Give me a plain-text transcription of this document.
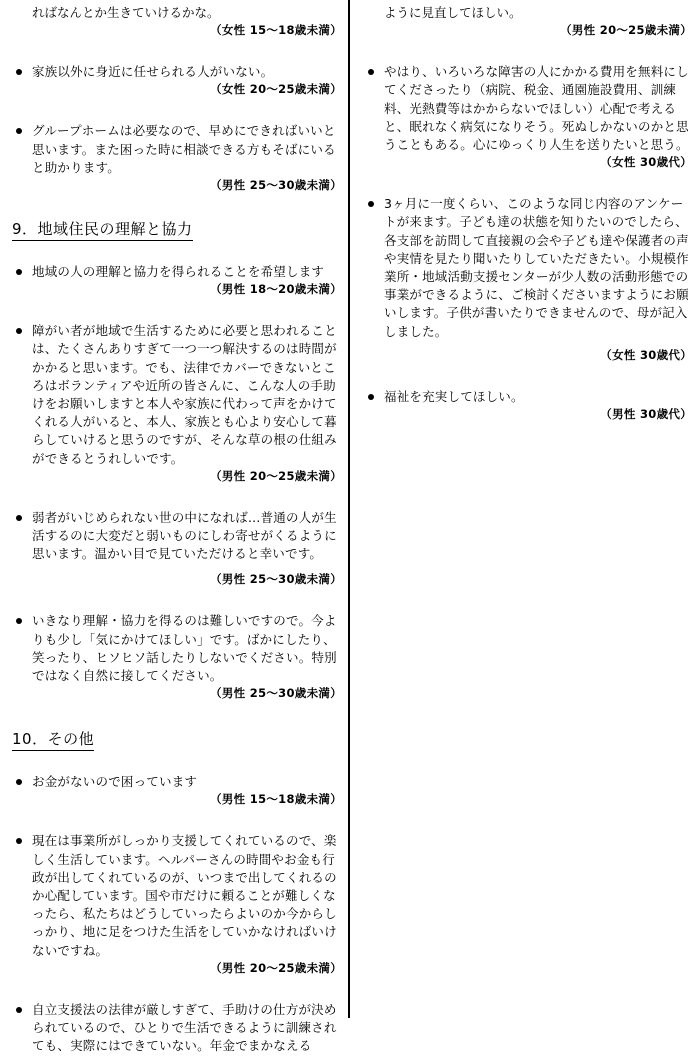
ればなんとか生きていけるかな。

（女性 15～18歳未満）
家族以外に身近に任せられる人がいない。
（女性 20～25歳未満）
グループホームは必要なので、早めにできればいいと思います。また困った時に相談できる方もそばにいると助かります。
（男性 25～30歳未満）
9．地域住民の理解と協力
地域の人の理解と協力を得られることを希望します
（男性 18～20歳未満）
障がい者が地域で生活するために必要と思われることは、たくさんありすぎて一つ一つ解決するのは時間がかかると思います。でも、法律でカバーできないところはボランティアや近所の皆さんに、こんな人の手助けをお願いしますと本人や家族に代わって声をかけてくれる人がいると、本人、家族とも心より安心して暮らしていけると思うのですが、そんな草の根の仕組みができるとうれしいです。
（男性 20～25歳未満）
弱者がいじめられない世の中になれば…普通の人が生活するのに大変だと弱いものにしわ寄せがくるように思います。温かい目で見ていただけると幸いです。
（男性 25～30歳未満）
いきなり理解・協力を得るのは難しいですので。今よりも少し「気にかけてほしい」です。ばかにしたり、笑ったり、ヒソヒソ話したりしないでください。特別ではなく自然に接してください。
（男性 25～30歳未満）
10．その他
お金がないので困っています
（男性 15～18歳未満）
現在は事業所がしっかり支援してくれているので、楽しく生活しています。ヘルパーさんの時間やお金も行政が出してくれているのが、いつまで出してくれるのか心配しています。国や市だけに頼ることが難しくなったら、私たちはどうしていったらよいのか今からしっかり、地に足をつけた生活をしていかなければいけないですね。
（男性 20～25歳未満）
自立支援法の法律が厳しすぎて、手助けの仕方が決められているので、ひとりで生活できるように訓練されても、実際にはできていない。年金でまかなえる

ように見直してほしい。

（男性 20～25歳未満）
やはり、いろいろな障害の人にかかる費用を無料にしてくださったり（病院、税金、通園施設費用、訓練料、光熱費等はかからないでほしい）心配で考えると、眠れなく病気になりそう。死ぬしかないのかと思うこともある。心にゆっくり人生を送りたいと思う。
（女性 30歳代）
3ヶ月に一度くらい、このような同じ内容のアンケートが来ます。子ども達の状態を知りたいのでしたら、各支部を訪問して直接親の会や子ども達や保護者の声や実情を見たり聞いたりしていただきたい。小規模作業所・地域活動支援センターが少人数の活動形態での事業ができるように、ご検討くださいますようにお願いします。子供が書いたりできませんので、母が記入しました。
（女性 30歳代）
福祉を充実してほしい。
（男性 30歳代）
